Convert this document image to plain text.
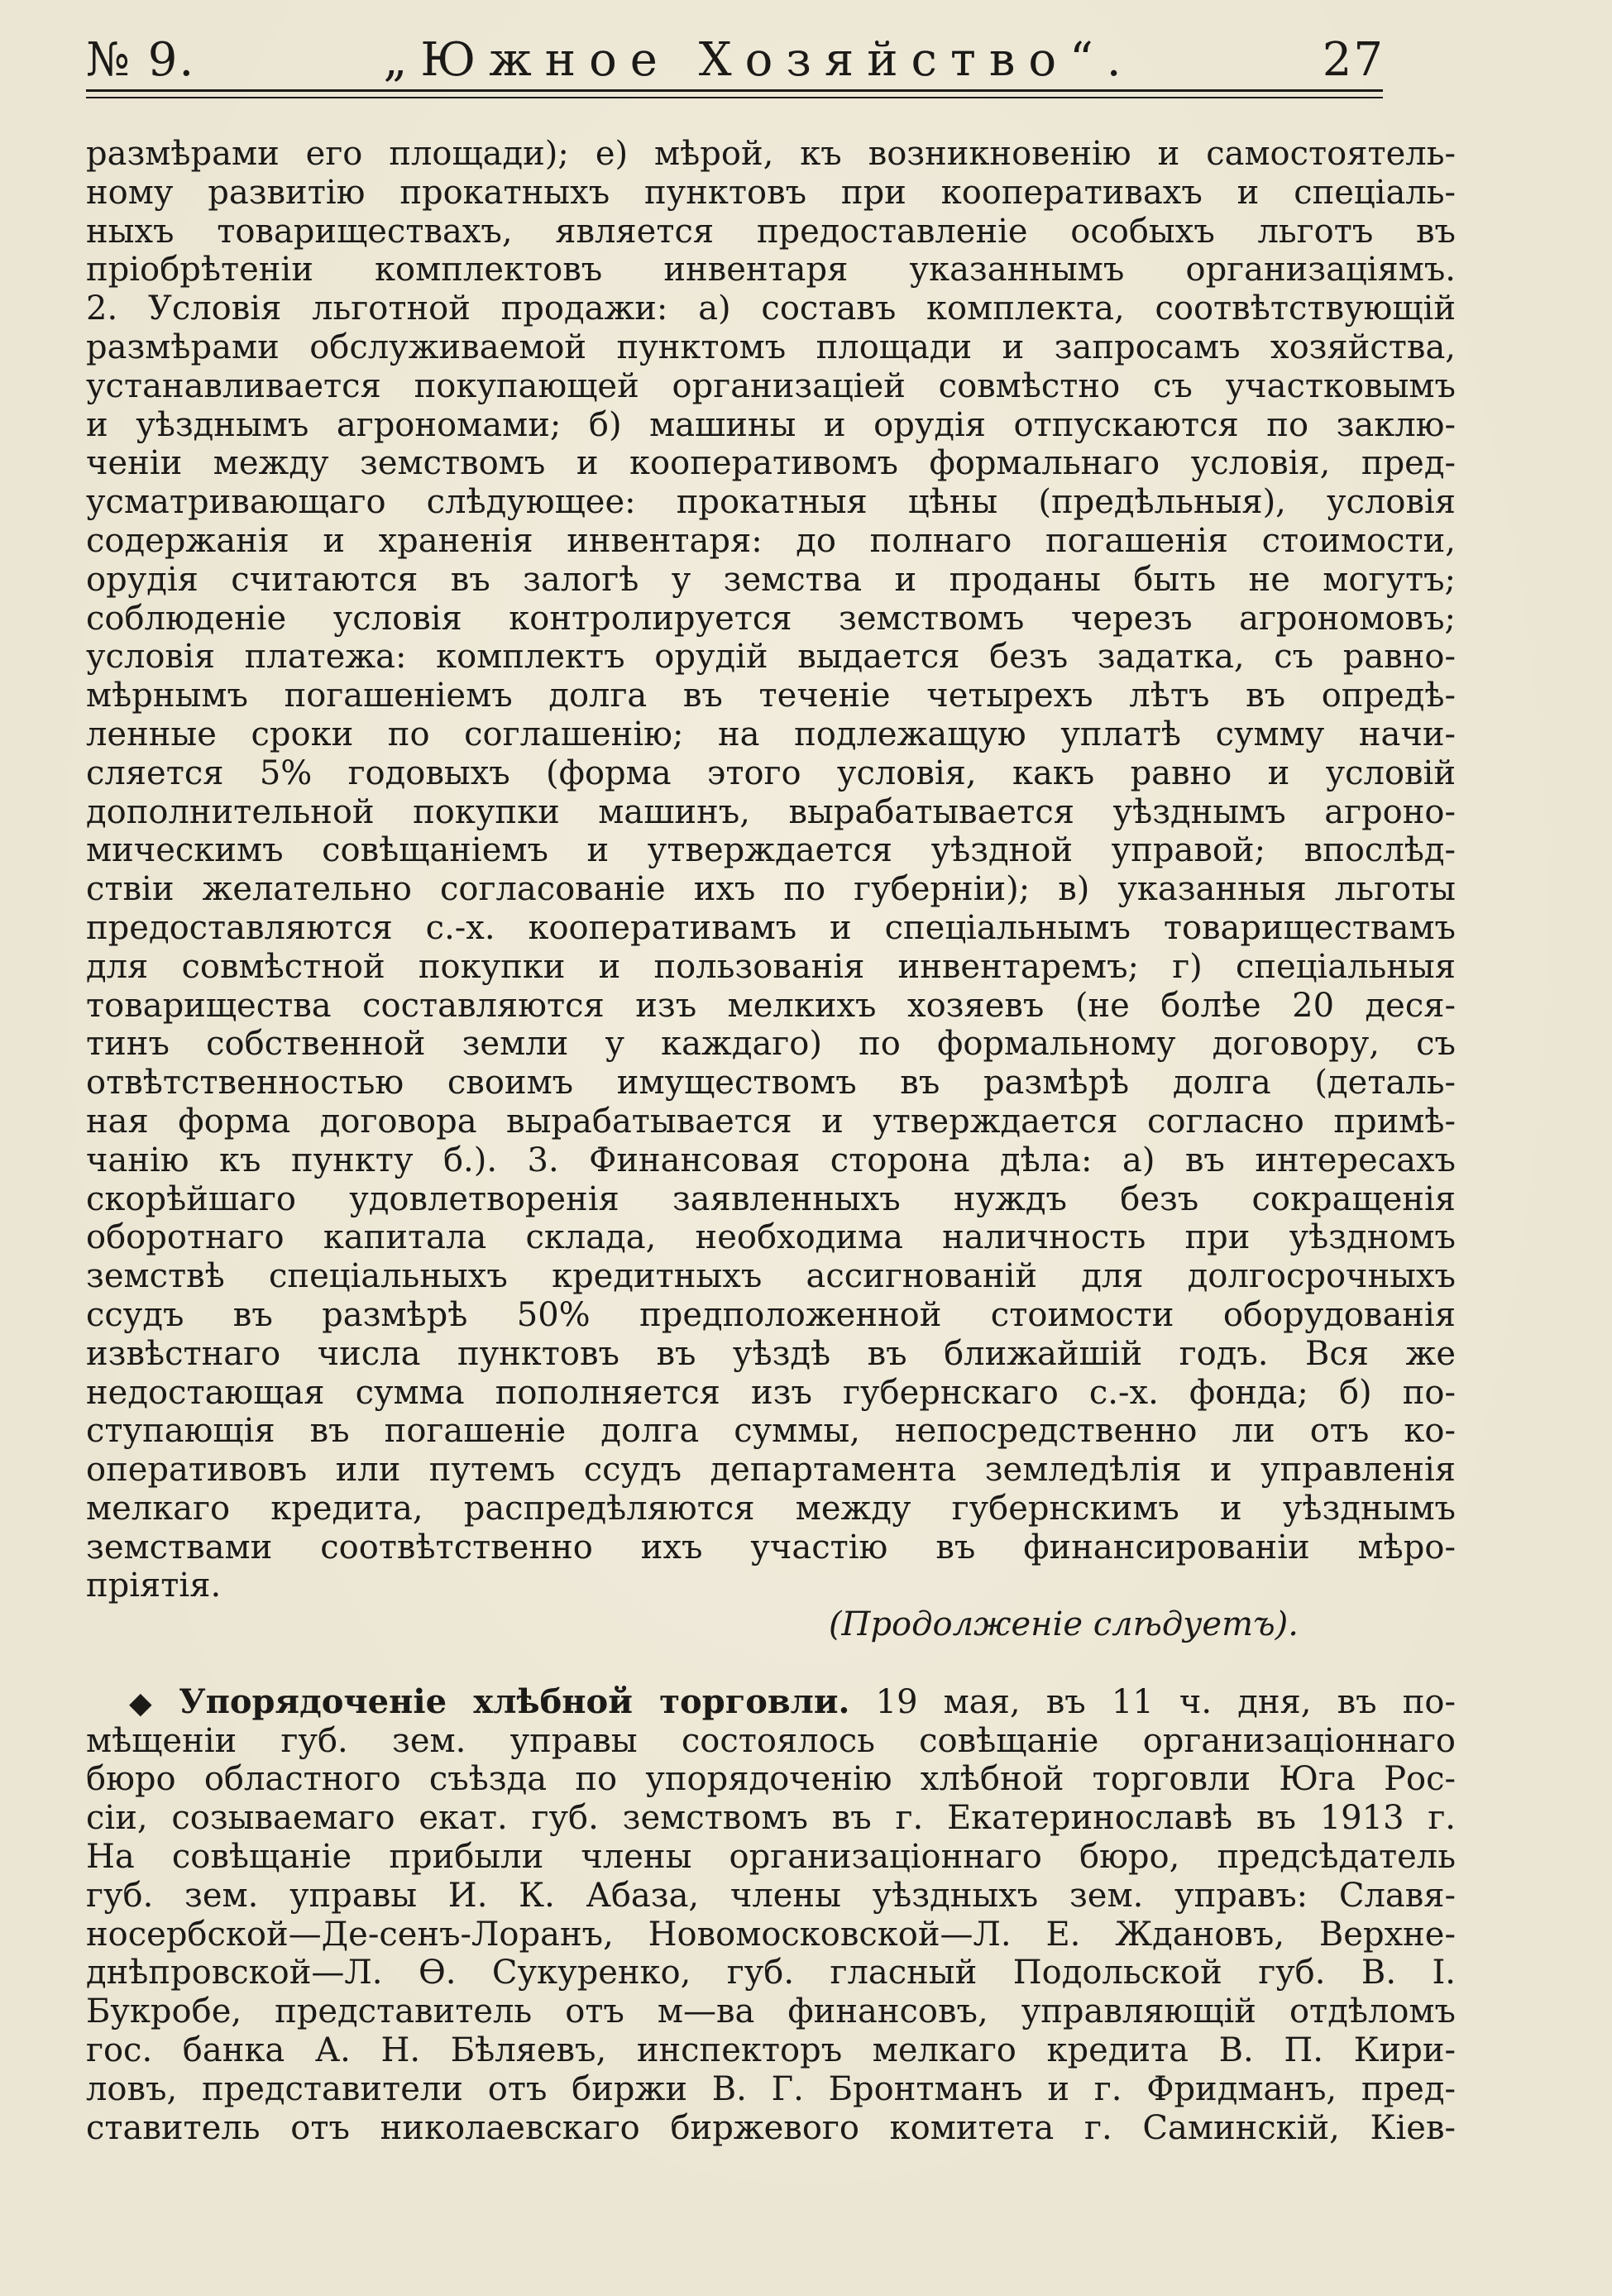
№ 9.	„Южное Хозяйство“.	27
размѣрами его площади); е) мѣрой, къ возникновенію и самостоятель-
ному развитію прокатныхъ пунктовъ при кооперативахъ и спеціаль-
ныхъ товариществахъ, является предоставленіе особыхъ льготъ въ
пріобрѣтеніи комплектовъ инвентаря указаннымъ организаціямъ.
2. Условія льготной продажи: а) составъ комплекта, соотвѣтствующій
размѣрами обслуживаемой пунктомъ площади и запросамъ хозяйства,
устанавливается покупающей организаціей совмѣстно съ участковымъ
и уѣзднымъ агрономами; б) машины и орудія отпускаются по заклю-
ченіи между земствомъ и кооперативомъ формальнаго условія, пред-
усматривающаго слѣдующее: прокатныя цѣны (предѣльныя), условія
содержанія и храненія инвентаря: до полнаго погашенія стоимости,
орудія считаются въ залогѣ у земства и проданы быть не могутъ;
соблюденіе условія контролируется земствомъ черезъ агрономовъ;
условія платежа: комплектъ орудій выдается безъ задатка, съ равно-
мѣрнымъ погашеніемъ долга въ теченіе четырехъ лѣтъ въ опредѣ-
ленные сроки по соглашенію; на подлежащую уплатѣ сумму начи-
сляется 5% годовыхъ (форма этого условія, какъ равно и условій
дополнительной покупки машинъ, вырабатывается уѣзднымъ агроно-
мическимъ совѣщаніемъ и утверждается уѣздной управой; впослѣд-
ствіи желательно согласованіе ихъ по губерніи); в) указанныя льготы
предоставляются с.-х. кооперативамъ и спеціальнымъ товариществамъ
для совмѣстной покупки и пользованія инвентаремъ; г) спеціальныя
товарищества составляются изъ мелкихъ хозяевъ (не болѣе 20 деся-
тинъ собственной земли у каждаго) по формальному договору, съ
отвѣтственностью своимъ имуществомъ въ размѣрѣ долга (деталь-
ная форма договора вырабатывается и утверждается согласно примѣ-
чанію къ пункту б.). 3. Финансовая сторона дѣла: а) въ интересахъ
скорѣйшаго удовлетворенія заявленныхъ нуждъ безъ сокращенія
оборотнаго капитала склада, необходима наличность при уѣздномъ
земствѣ спеціальныхъ кредитныхъ ассигнованій для долгосрочныхъ
ссудъ въ размѣрѣ 50% предположенной стоимости оборудованія
извѣстнаго числа пунктовъ въ уѣздѣ въ ближайшій годъ. Вся же
недостающая сумма пополняется изъ губернскаго с.-х. фонда; б) по-
ступающія въ погашеніе долга суммы, непосредственно ли отъ ко-
оперативовъ или путемъ ссудъ департамента земледѣлія и управленія
мелкаго кредита, распредѣляются между губернскимъ и уѣзднымъ
земствами соотвѣтственно ихъ участію въ финансированіи мѣро-
пріятія.
(Продолженіе слѣдуетъ).
◆ Упорядоченіе хлѣбной торговли. 19 мая, въ 11 ч. дня, въ по-
мѣщеніи губ. зем. управы состоялось совѣщаніе организаціоннаго
бюро областного съѣзда по упорядоченію хлѣбной торговли Юга Рос-
сіи, созываемаго екат. губ. земствомъ въ г. Екатеринославѣ въ 1913 г.
На совѣщаніе прибыли члены организаціоннаго бюро, предсѣдатель
губ. зем. управы И. К. Абаза, члены уѣздныхъ зем. управъ: Славя-
носербской—Де-сенъ-Лоранъ, Новомосковской—Л. Е. Ждановъ, Верхне-
днѣпровской—Л. Ѳ. Сукуренко, губ. гласный Подольской губ. В. І.
Букробе, представитель отъ м—ва финансовъ, управляющій отдѣломъ
гос. банка А. Н. Бѣляевъ, инспекторъ мелкаго кредита В. П. Кири-
ловъ, представители отъ биржи В. Г. Бронтманъ и г. Фридманъ, пред-
ставитель отъ николаевскаго биржевого комитета г. Саминскій, Кіев-
